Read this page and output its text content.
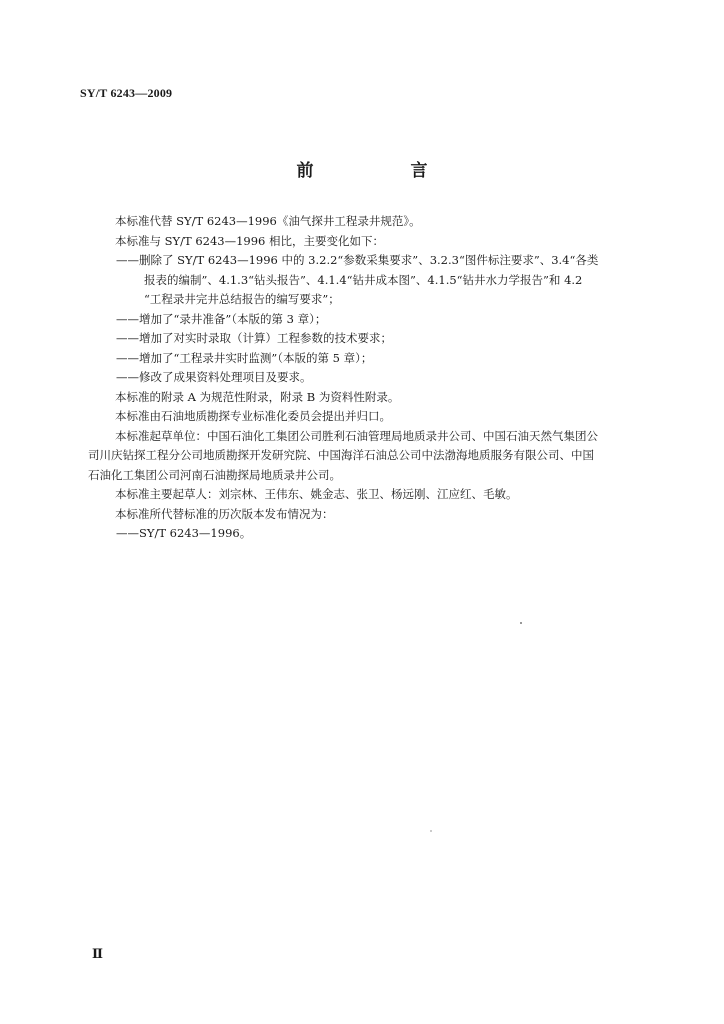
SY/T 6243—2009
前　言

本标准代替 SY/T 6243—1996《油气探井工程录井规范》。

本标准与 SY/T 6243—1996 相比，主要变化如下：

——删除了 SY/T 6243—1996 中的 3.2.2“参数采集要求”、3.2.3“图件标注要求”、3.4“各类

报表的编制”、4.1.3“钻头报告”、4.1.4“钻井成本图”、4.1.5“钻井水力学报告”和 4.2

“工程录井完井总结报告的编写要求”；

——增加了“录井准备”（本版的第 3 章）；

——增加了对实时录取（计算）工程参数的技术要求；

——增加了“工程录井实时监测”（本版的第 5 章）；

——修改了成果资料处理项目及要求。

本标准的附录 A 为规范性附录，附录 B 为资料性附录。

本标准由石油地质勘探专业标准化委员会提出并归口。

本标准起草单位：中国石油化工集团公司胜利石油管理局地质录井公司、中国石油天然气集团公

司川庆钻探工程分公司地质勘探开发研究院、中国海洋石油总公司中法渤海地质服务有限公司、中国

石油化工集团公司河南石油勘探局地质录井公司。

本标准主要起草人：刘宗林、王伟东、姚金志、张卫、杨远刚、江应红、毛敏。

本标准所代替标准的历次版本发布情况为：

——SY/T 6243—1996。

Ⅱ
